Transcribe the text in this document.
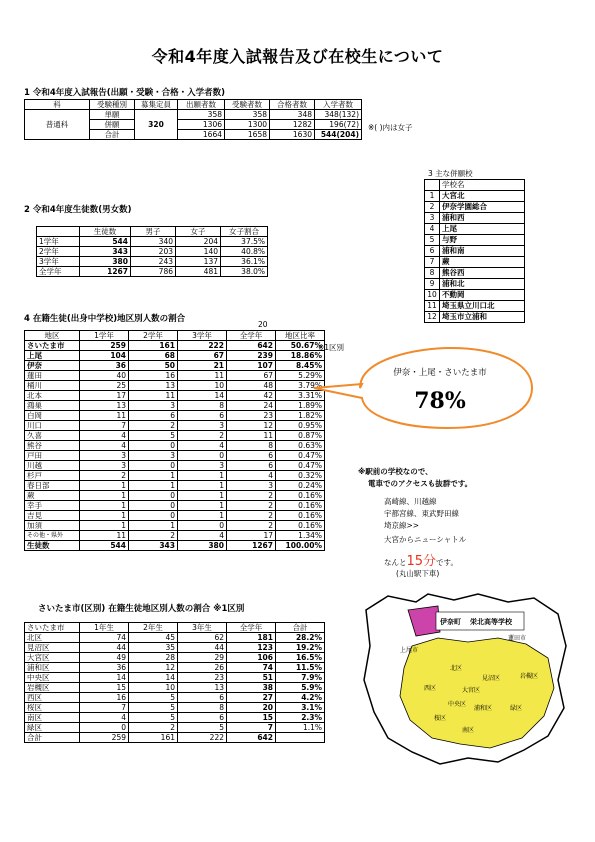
令和4年度入試報告及び在校生について
1 令和4年度入試報告(出願・受験・合格・入学者数)
科	受験種別	募集定員	出願者数	受験者数	合格者数	入学者数
普通科	単願	320	358	358	348	348(132)
	併願		1306	1300	1282	196(72)
	合計		1664	1658	1630	544(204)
※( )内は女子
3 主な併願校
	学校名
1	大宮北
2	伊奈学園総合
3	浦和西
4	上尾
5	与野
6	浦和南
7	蕨
8	熊谷西
9	浦和北
10	不動岡
11	埼玉県立川口北
12	埼玉市立浦和
2 令和4年度生徒数(男女数)
	生徒数	男子	女子	女子割合
1学年	544	340	204	37.5%
2学年	343	203	140	40.8%
3学年	380	243	137	36.1%
全学年	1267	786	481	38.0%
4 在籍生徒(出身中学校)地区別人数の割合
20
地区	1学年	2学年	3学年	全学年	地区比率
さいたま市	259	161	222	642	50.67%
上尾	104	68	67	239	18.86%
伊奈	36	50	21	107	8.45%
蓮田	40	16	11	67	5.29%
桶川	25	13	10	48	3.79%
北本	17	11	14	42	3.31%
鴻巣	13	3	8	24	1.89%
白岡	11	6	6	23	1.82%
川口	7	2	3	12	0.95%
久喜	4	5	2	11	0.87%
熊谷	4	0	4	8	0.63%
戸田	3	3	0	6	0.47%
川越	3	0	3	6	0.47%
杉戸	2	1	1	4	0.32%
春日部	1	1	1	3	0.24%
蕨	1	0	1	2	0.16%
幸手	1	0	1	2	0.16%
吉見	1	0	1	2	0.16%
加須	1	1	0	2	0.16%
その他・県外	11	2	4	17	1.34%
生徒数	544	343	380	1267	100.00%
※1区別
伊奈・上尾・さいたま市
78%
※駅前の学校なので、
電車でのアクセスも抜群です。
高崎線、川越線
宇都宮線、東武野田線
埼京線>>
大宮からニューシャトル
なんと15分です。
(丸山駅下車)
さいたま市(区別) 在籍生徒地区別人数の割合 ※1区別
さいたま市	1年生	2年生	3年生	全学年	合計
北区	74	45	62	181	28.2%
見沼区	44	35	44	123	19.2%
大宮区	49	28	29	106	16.5%
浦和区	36	12	26	74	11.5%
中央区	14	14	23	51	7.9%
岩槻区	15	10	13	38	5.9%
西区	16	5	6	27	4.2%
桜区	7	5	8	20	3.1%
南区	4	5	6	15	2.3%
緑区	0	2	5	7	1.1%
合計	259	161	222	642	
伊奈町 栄北高等学校
上尾市
蓮田市
北区
見沼区	岩槻区
大宮区
西区
中央区
浦和区	緑区
桜区
南区
